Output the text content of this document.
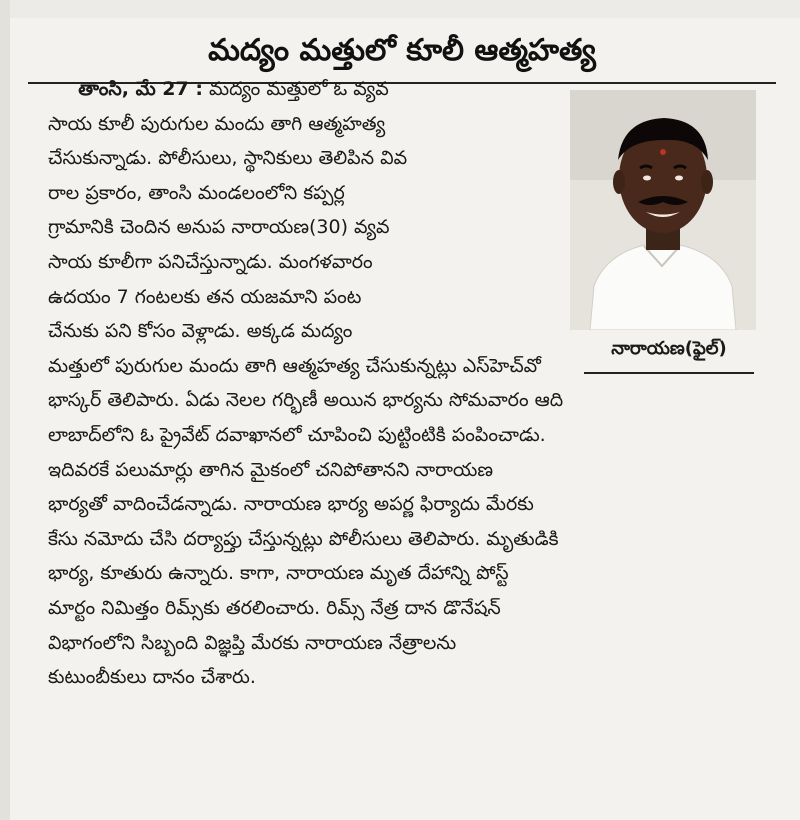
మద్యం మత్తులో కూలీ ఆత్మహత్య
నారాయణ(ఫైల్)
తాంసి, మే 27 : మద్యం మత్తులో ఓ వ్యవ
సాయ కూలీ పురుగుల మందు తాగి ఆత్మహత్య
చేసుకున్నాడు. పోలీసులు, స్థానికులు తెలిపిన వివ
రాల ప్రకారం, తాంసి మండలంలోని కప్పర్ల
గ్రామానికి చెందిన అనుప నారాయణ(30) వ్యవ
సాయ కూలీగా పనిచేస్తున్నాడు. మంగళవారం
ఉదయం 7 గంటలకు తన యజమాని పంట
చేనుకు పని కోసం వెళ్లాడు. అక్కడ మద్యం
మత్తులో పురుగుల మందు తాగి ఆత్మహత్య చేసుకున్నట్లు ఎస్‌హెచ్‌వో
భాస్కర్ తెలిపారు. ఏడు నెలల గర్భిణీ అయిన భార్యను సోమవారం ఆది
లాబాద్‌లోని ఓ ప్రైవేట్ దవాఖానలో చూపించి పుట్టింటికి పంపించాడు.
ఇదివరకే పలుమార్లు తాగిన మైకంలో చనిపోతానని నారాయణ
భార్యతో వాదించేడన్నాడు. నారాయణ భార్య అపర్ణ ఫిర్యాదు మేరకు
కేసు నమోదు చేసి దర్యాప్తు చేస్తున్నట్లు పోలీసులు తెలిపారు. మృతుడికి
భార్య, కూతురు ఉన్నారు. కాగా, నారాయణ మృత దేహాన్ని పోస్ట్
మార్టం నిమిత్తం రిమ్స్‌కు తరలించారు. రిమ్స్ నేత్ర దాన డొనేషన్
విభాగంలోని సిబ్బంది విజ్ఞప్తి మేరకు నారాయణ నేత్రాలను
కుటుంబీకులు దానం చేశారు.
